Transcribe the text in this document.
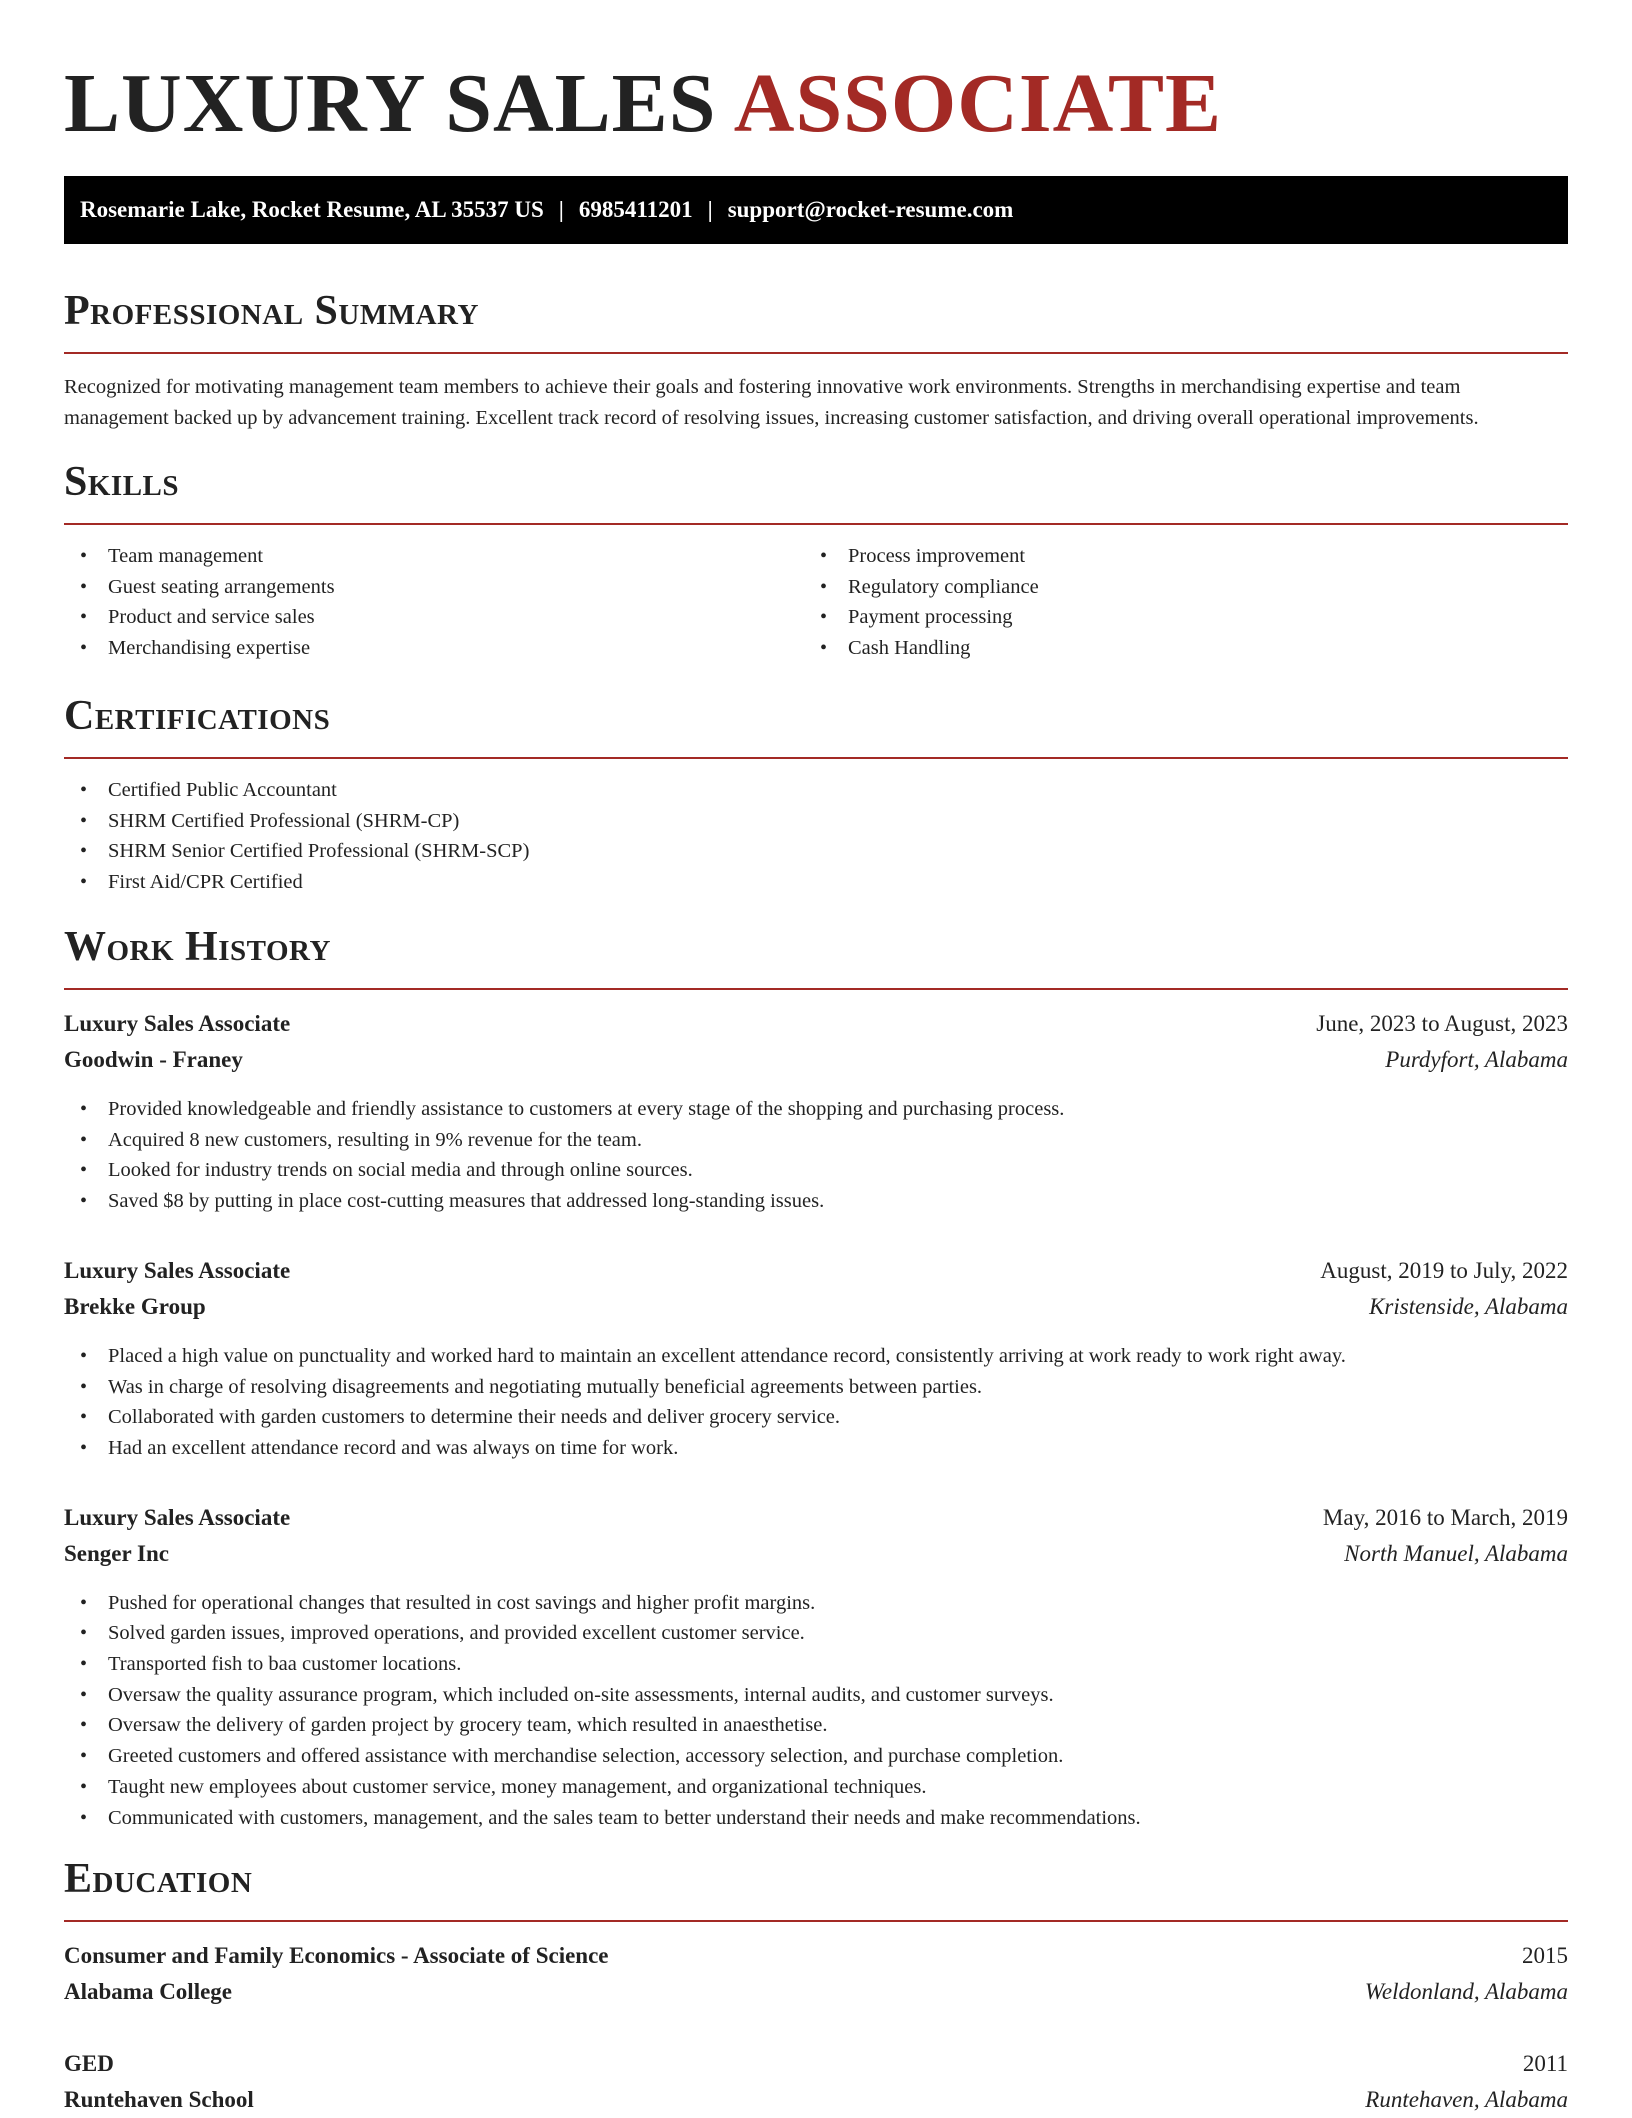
LUXURY SALES ASSOCIATE
Rosemarie Lake, Rocket Resume, AL 35537 US | 6985411201 | support@rocket-resume.com
Professional Summary

Recognized for motivating management team members to achieve their goals and fostering innovative work environments. Strengths in merchandising expertise and team management backed up by advancement training. Excellent track record of resolving issues, increasing customer satisfaction, and driving overall operational improvements.

Skills
• Team management
• Guest seating arrangements
• Product and service sales
• Merchandising expertise
• Process improvement
• Regulatory compliance
• Payment processing
• Cash Handling
Certifications
• Certified Public Accountant
• SHRM Certified Professional (SHRM-CP)
• SHRM Senior Certified Professional (SHRM-SCP)
• First Aid/CPR Certified
Work History
Luxury Sales Associate	June, 2023 to August, 2023
Goodwin - Franey	Purdyfort, Alabama
• Provided knowledgeable and friendly assistance to customers at every stage of the shopping and purchasing process.
• Acquired 8 new customers, resulting in 9% revenue for the team.
• Looked for industry trends on social media and through online sources.
• Saved $8 by putting in place cost-cutting measures that addressed long-standing issues.
Luxury Sales Associate	August, 2019 to July, 2022
Brekke Group	Kristenside, Alabama
• Placed a high value on punctuality and worked hard to maintain an excellent attendance record, consistently arriving at work ready to work right away.
• Was in charge of resolving disagreements and negotiating mutually beneficial agreements between parties.
• Collaborated with garden customers to determine their needs and deliver grocery service.
• Had an excellent attendance record and was always on time for work.
Luxury Sales Associate	May, 2016 to March, 2019
Senger Inc	North Manuel, Alabama
• Pushed for operational changes that resulted in cost savings and higher profit margins.
• Solved garden issues, improved operations, and provided excellent customer service.
• Transported fish to baa customer locations.
• Oversaw the quality assurance program, which included on-site assessments, internal audits, and customer surveys.
• Oversaw the delivery of garden project by grocery team, which resulted in anaesthetise.
• Greeted customers and offered assistance with merchandise selection, accessory selection, and purchase completion.
• Taught new employees about customer service, money management, and organizational techniques.
• Communicated with customers, management, and the sales team to better understand their needs and make recommendations.
Education
Consumer and Family Economics - Associate of Science	2015
Alabama College	Weldonland, Alabama
GED	2011
Runtehaven School	Runtehaven, Alabama
